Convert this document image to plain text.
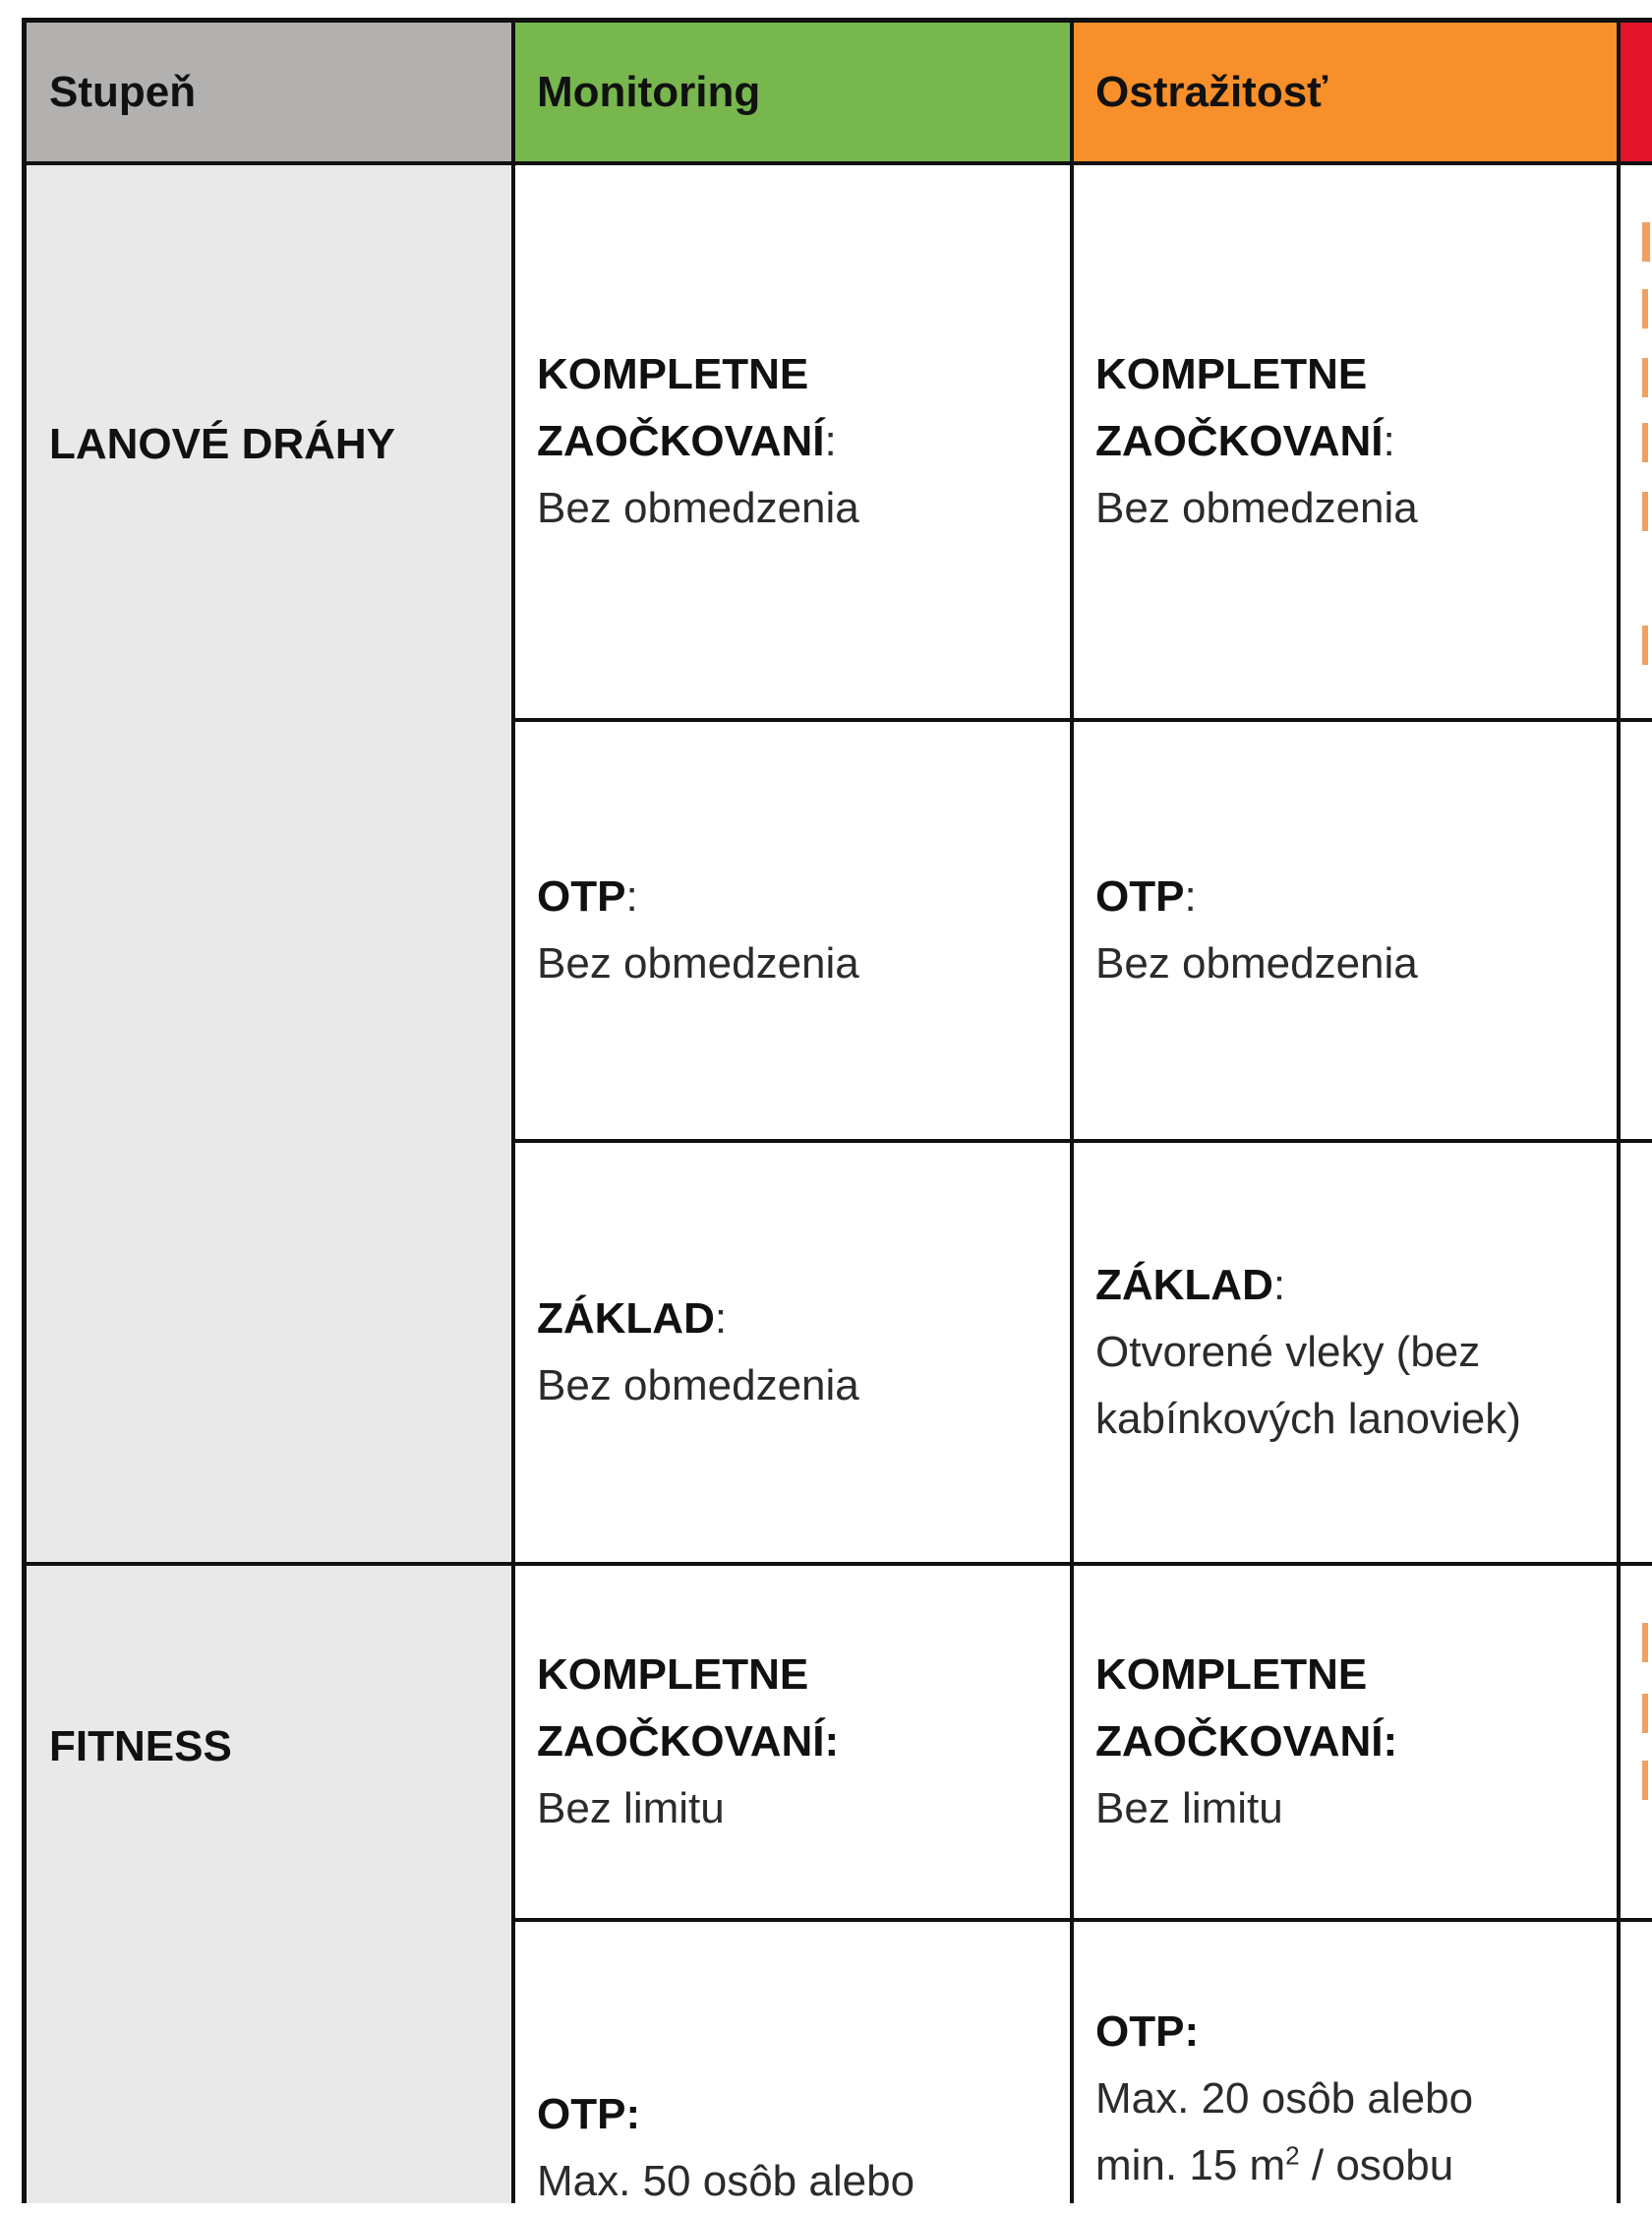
Stupeň	Monitoring	Ostražitosť
LANOVÉ DRÁHY
KOMPLETNE ZAOČKOVANÍ:
Bez obmedzenia
KOMPLETNE ZAOČKOVANÍ:
Bez obmedzenia
OTP:
Bez obmedzenia
OTP:
Bez obmedzenia
ZÁKLAD:
Bez obmedzenia
ZÁKLAD:
Otvorené vleky (bez kabínkových lanoviek)
FITNESS
KOMPLETNE ZAOČKOVANÍ:
Bez limitu
KOMPLETNE ZAOČKOVANÍ:
Bez limitu
OTP:
Max. 50 osôb alebo
OTP:
Max. 20 osôb alebo
min. 15 $m^2$ / osobu
